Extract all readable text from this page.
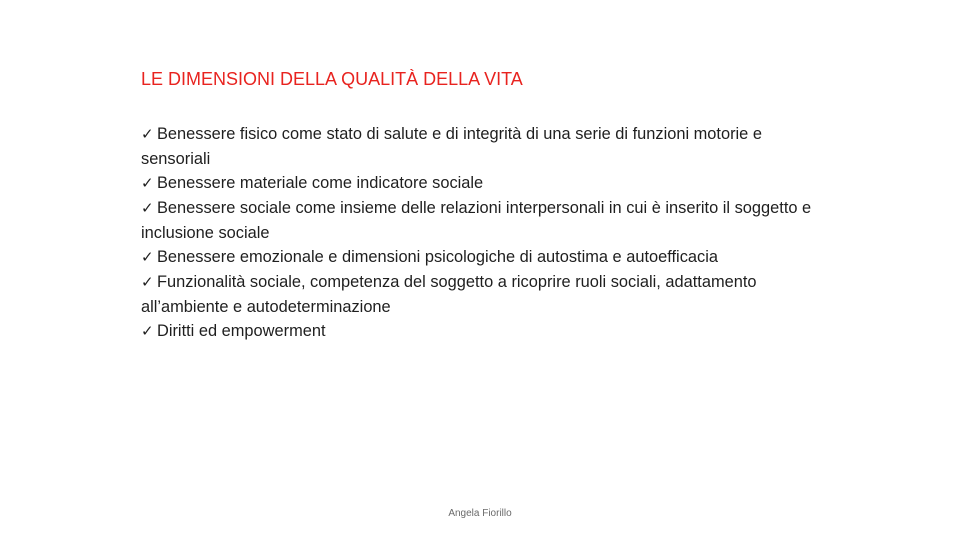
LE DIMENSIONI DELLA QUALITÀ DELLA VITA

✓ Benessere fisico come stato di salute e di integrità di una serie di funzioni motorie e sensoriali

✓ Benessere materiale come indicatore sociale

✓ Benessere sociale come insieme delle relazioni interpersonali in cui è inserito il soggetto e inclusione sociale

✓ Benessere emozionale e dimensioni psicologiche di autostima e autoefficacia

✓ Funzionalità sociale, competenza del soggetto a ricoprire ruoli sociali, adattamento all’ambiente e autodeterminazione

✓ Diritti ed empowerment

Angela Fiorillo
